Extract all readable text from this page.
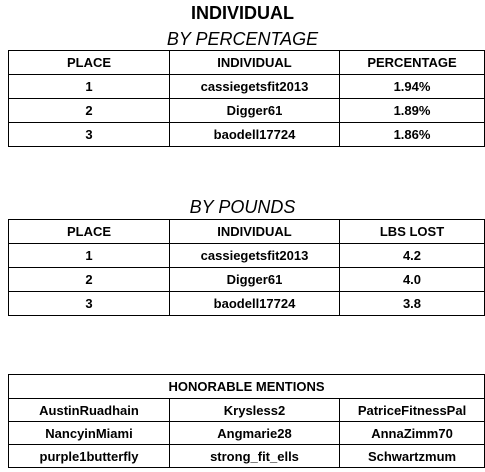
INDIVIDUAL
BY PERCENTAGE
PLACE	INDIVIDUAL	PERCENTAGE
1	cassiegetsfit2013	1.94%
2	Digger61	1.89%
3	baodell17724	1.86%
BY POUNDS
PLACE	INDIVIDUAL	LBS LOST
1	cassiegetsfit2013	4.2
2	Digger61	4.0
3	baodell17724	3.8
HONORABLE MENTIONS		
AustinRuadhain	Krysless2	PatriceFitnessPal
NancyinMiami	Angmarie28	AnnaZimm70
purple1butterfly	strong_fit_ells	Schwartzmum
